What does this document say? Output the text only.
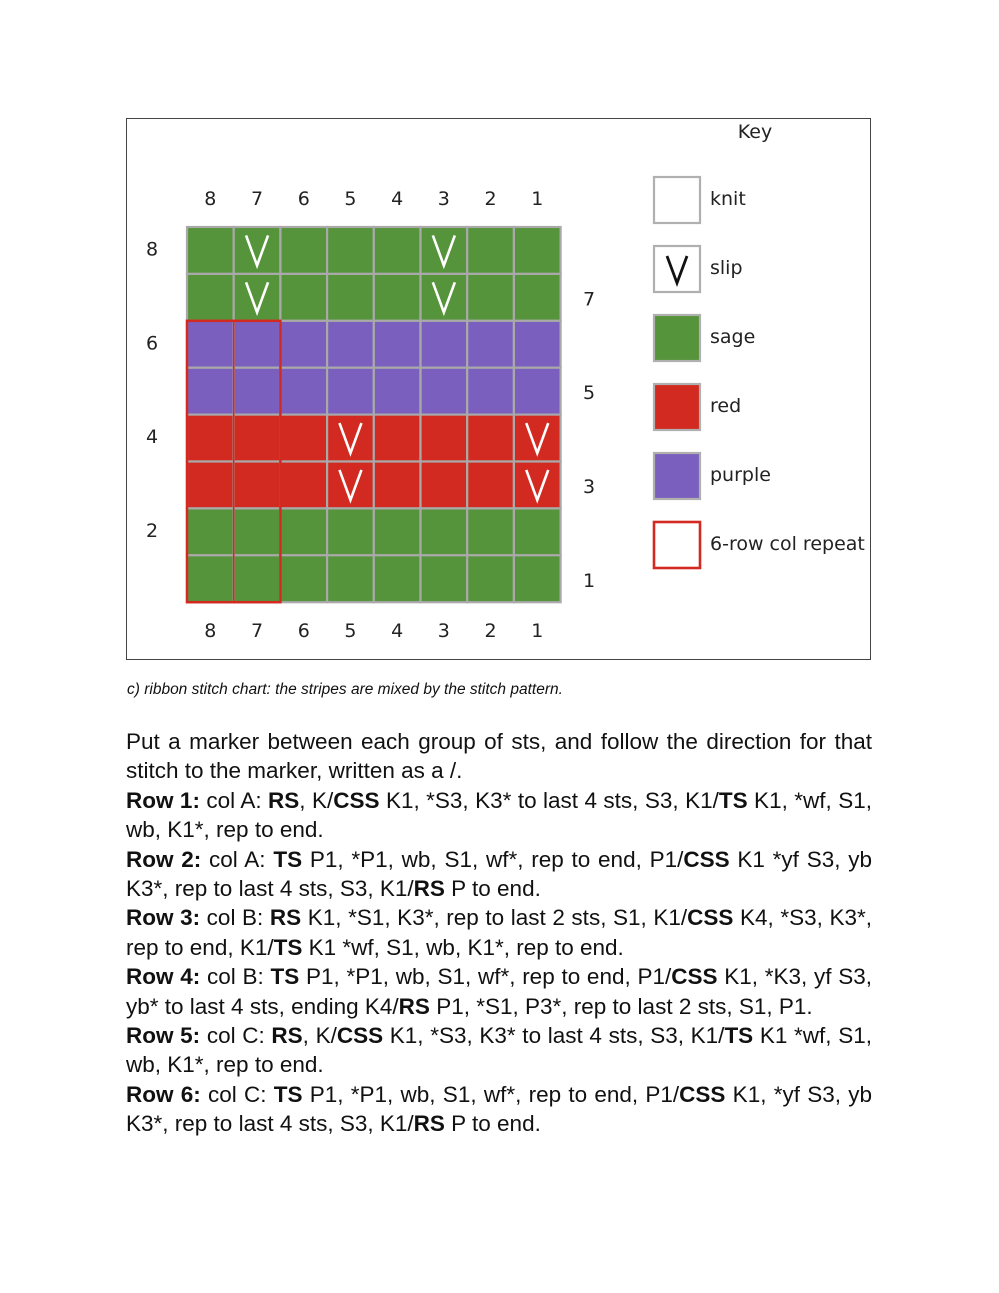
8
8
7
7
6
6
5
5
4
4
3
3
2
2
1
1
8
6
4
2
7
5
3
1
Key
knit
slip
sage
red
purple
6-row col repeat
c) ribbon stitch chart: the stripes are mixed by the stitch pattern.

Put a marker between each group of sts, and follow the direction for that stitch to the marker, written as a /.

Row 1: col A: RS, K/CSS K1, *S3, K3* to last 4 sts, S3, K1/TS K1, *wf, S1, wb, K1*, rep to end.

Row 2: col A: TS P1, *P1, wb, S1, wf*, rep to end, P1/CSS K1 *yf S3, yb K3*, rep to last 4 sts, S3, K1/RS P to end.

Row 3: col B: RS K1, *S1, K3*, rep to last 2 sts, S1, K1/CSS K4, *S3, K3*, rep to end, K1/TS K1 *wf, S1, wb, K1*, rep to end.

Row 4: col B: TS P1, *P1, wb, S1, wf*, rep to end, P1/CSS K1, *K3, yf S3, yb* to last 4 sts, ending K4/RS P1, *S1, P3*, rep to last 2 sts, S1, P1.

Row 5: col C: RS, K/CSS K1, *S3, K3* to last 4 sts, S3, K1/TS K1 *wf, S1, wb, K1*, rep to end.

Row 6: col C: TS P1, *P1, wb, S1, wf*, rep to end, P1/CSS K1, *yf S3, yb K3*, rep to last 4 sts, S3, K1/RS P to end.
